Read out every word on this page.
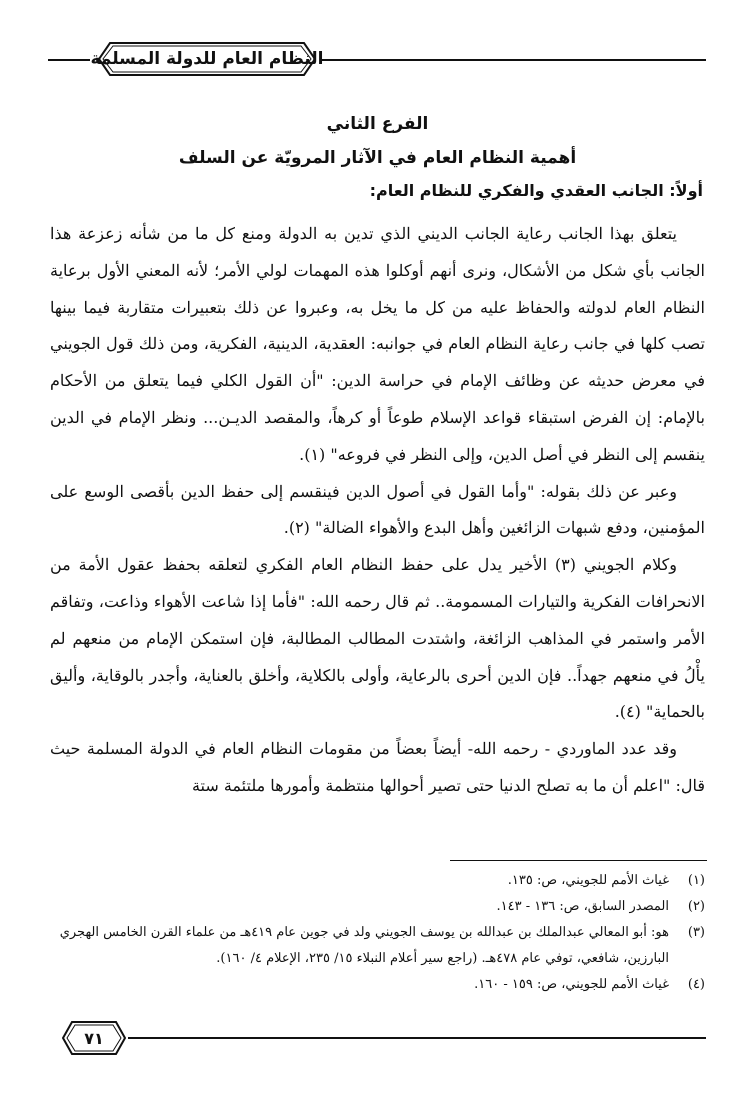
النظام العام للدولة المسلمة
الفرع الثاني
أهمية النظام العام في الآثار المرويّة عن السلف
أولاً: الجانب العقدي والفكري للنظام العام:

يتعلق بهذا الجانب رعاية الجانب الديني الذي تدين به الدولة ومنع كل ما من شأنه زعزعة هذا الجانب بأي شكل من الأشكال، ونرى أنهم أوكلوا هذه المهمات لولي الأمر؛ لأنه المعني الأول برعاية النظام العام لدولته والحفاظ عليه من كل ما يخل به، وعبروا عن ذلك بتعبيرات متقاربة فيما بينها تصب كلها في جانب رعاية النظام العام في جوانبه: العقدية، الدينية، الفكرية، ومن ذلك قول الجويني في معرض حديثه عن وظائف الإمام في حراسة الدين: "أن القول الكلي فيما يتعلق من الأحكام بالإمام: إن الفرض استبقاء قواعد الإسلام طوعاً أو كرهاً، والمقصد الديـن... ونظر الإمام في الدين ينقسم إلى النظر في أصل الدين، وإلى النظر في فروعه" (١).

وعبر عن ذلك بقوله: "وأما القول في أصول الدين فينقسم إلى حفظ الدين بأقصى الوسع على المؤمنين، ودفع شبهات الزائغين وأهل البدع والأهواء الضالة" (٢).

وكلام الجويني (٣) الأخير يدل على حفظ النظام العام الفكري لتعلقه بحفظ عقول الأمة من الانحرافات الفكرية والتيارات المسمومة.. ثم قال رحمه الله: "فأما إذا شاعت الأهواء وذاعت، وتفاقم الأمر واستمر في المذاهب الزائغة، واشتدت المطالب المطالبة، فإن استمكن الإمام من منعهم لم يأْلُ في منعهم جهداً.. فإن الدين أحرى بالرعاية، وأولى بالكلاية، وأخلق بالعناية، وأجدر بالوقاية، وأليق بالحماية" (٤).

وقد عدد الماوردي - رحمه الله- أيضاً بعضاً من مقومات النظام العام في الدولة المسلمة حيث قال: "اعلم أن ما به تصلح الدنيا حتى تصير أحوالها منتظمة وأمورها ملتئمة ستة

(١)
غياث الأمم للجويني، ص: ١٣٥.
(٢)
المصدر السابق، ص: ١٣٦ - ١٤٣.
(٣)
هو: أبو المعالي عبدالملك بن عبدالله بن يوسف الجويني ولد في جوين عام ٤١٩هـ من علماء القرن الخامس الهجري البارزين، شافعي، توفي عام ٤٧٨هـ. (راجع سير أعلام النبلاء ١٥/ ٢٣٥، الإعلام ٤/ ١٦٠).
(٤)
غياث الأمم للجويني، ص: ١٥٩ - ١٦٠.
٧١
